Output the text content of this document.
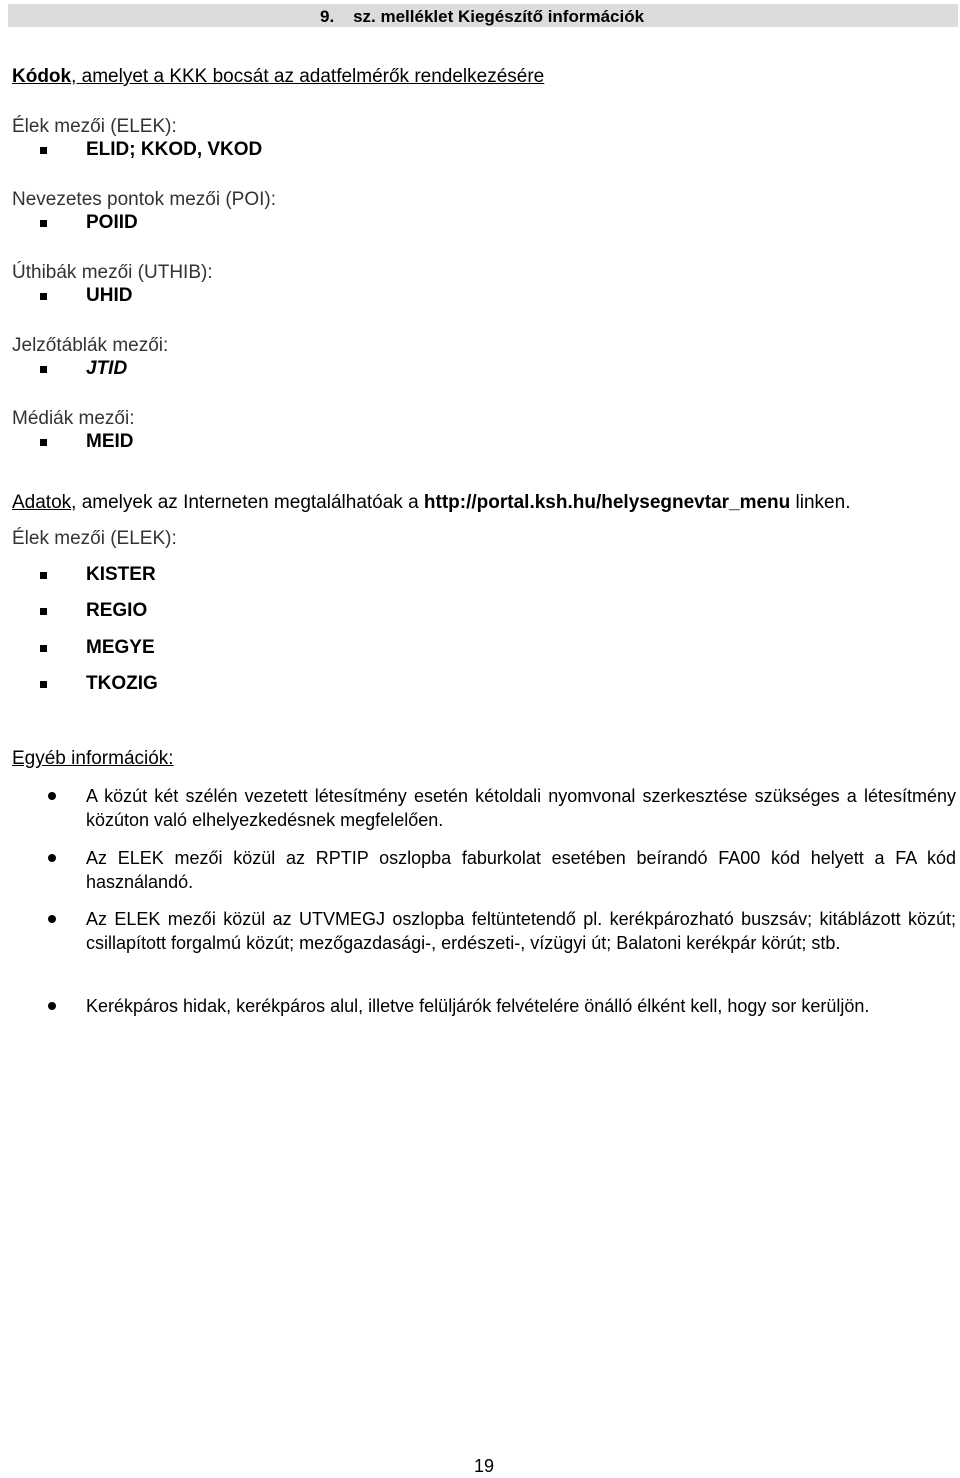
9.    sz. melléklet Kiegészítő információk
Kódok, amelyet a KKK bocsát az adatfelmérők rendelkezésére
Élek mezői (ELEK):
ELID; KKOD, VKOD
Nevezetes pontok mezői (POI):
POIID
Úthibák mezői (UTHIB):
UHID
Jelzőtáblák mezői:
JTID
Médiák mezői:
MEID
Adatok, amelyek az Interneten megtalálhatóak a http://portal.ksh.hu/helysegnevtar_menu linken.
Élek mezői (ELEK):
KISTER
REGIO
MEGYE
TKOZIG
Egyéb információk:
A közút két szélén vezetett létesítmény esetén kétoldali nyomvonal szerkesztése szükséges a létesítmény közúton való elhelyezkedésnek megfelelően.
Az ELEK mezői közül az RPTIP oszlopba faburkolat esetében beírandó FA00 kód helyett a FA kód használandó.
Az ELEK mezői közül az UTVMEGJ oszlopba feltüntetendő pl. kerékpározható buszsáv; kitáblázott közút; csillapított forgalmú közút; mezőgazdasági-, erdészeti-, vízügyi út; Balatoni kerékpár körút; stb.
Kerékpáros hidak, kerékpáros alul, illetve felüljárók felvételére önálló élként kell, hogy sor kerüljön.
19
